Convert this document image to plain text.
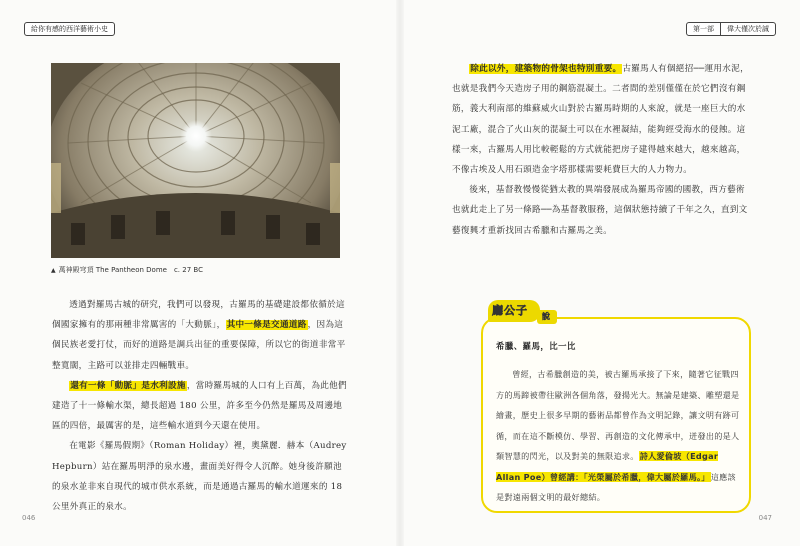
給你有感的西洋藝術小史
▲ 萬神殿穹頂 The Pantheon Dome　c. 27 BC

透過對羅馬古城的研究，我們可以發現，古羅馬的基礎建設都依循於這個國家擁有的那兩種非常厲害的「大動脈」，其中一條是交通道路，因為這個民族老愛打仗，而好的道路是調兵出征的重要保障，所以它的街道非常平整寬闊，主路可以並排走四輛戰車。

還有一條「動脈」是水利設施，當時羅馬城的人口有上百萬，為此他們建造了十一條輸水渠，總長超過 180 公里，許多至今仍然是羅馬及周邊地區的四倍，最厲害的是，這些輸水道到今天還在使用。

在電影《羅馬假期》（Roman Holiday）裡，奧黛麗．赫本（Audrey Hepburn）站在羅馬明淨的泉水邊，畫面美好得令人沉醉。她身後許願池的泉水並非來自現代的城市供水系統，而是通過古羅馬的輸水道運來的 18 公里外真正的泉水。

046
第一部	偉大僅次於誠
047

除此以外，建築物的骨架也特別重要。古羅馬人有個絕招──運用水泥，也就是我們今天造房子用的鋼筋混凝土。二者間的差別僅僅在於它們沒有鋼筋，義大利南部的維蘇威火山對於古羅馬時期的人來說，就是一座巨大的水泥工廠，混合了火山灰的混凝土可以在水裡凝結，能夠經受海水的侵蝕。這樣一來，古羅馬人用比較輕鬆的方式就能把房子建得越來越大，越來越高，不像古埃及人用石頭造金字塔那樣需要耗費巨大的人力物力。

後來，基督教慢慢從猶太教的異端發展成為羅馬帝國的國教，西方藝術也就此走上了另一條路──為基督教服務，這個狀態持續了千年之久，直到文藝復興才重新找回古希臘和古羅馬之美。

廳公子 說
希臘、羅馬，比一比

曾經，古希臘創造的美，被古羅馬承接了下來，隨著它征戰四方的馬蹄被帶往歐洲各個角落，發揚光大。無論是建築、雕塑還是繪畫，歷史上很多早期的藝術品都曾作為文明記錄，讓文明有跡可循，而在這不斷模仿、學習、再創造的文化傳承中，迸發出的是人類智慧的閃光，以及對美的無限追求。詩人愛倫坡（Edgar Allan Poe）曾經講：「光榮屬於希臘，偉大屬於羅馬。」這應該是對遠兩個文明的最好總結。
